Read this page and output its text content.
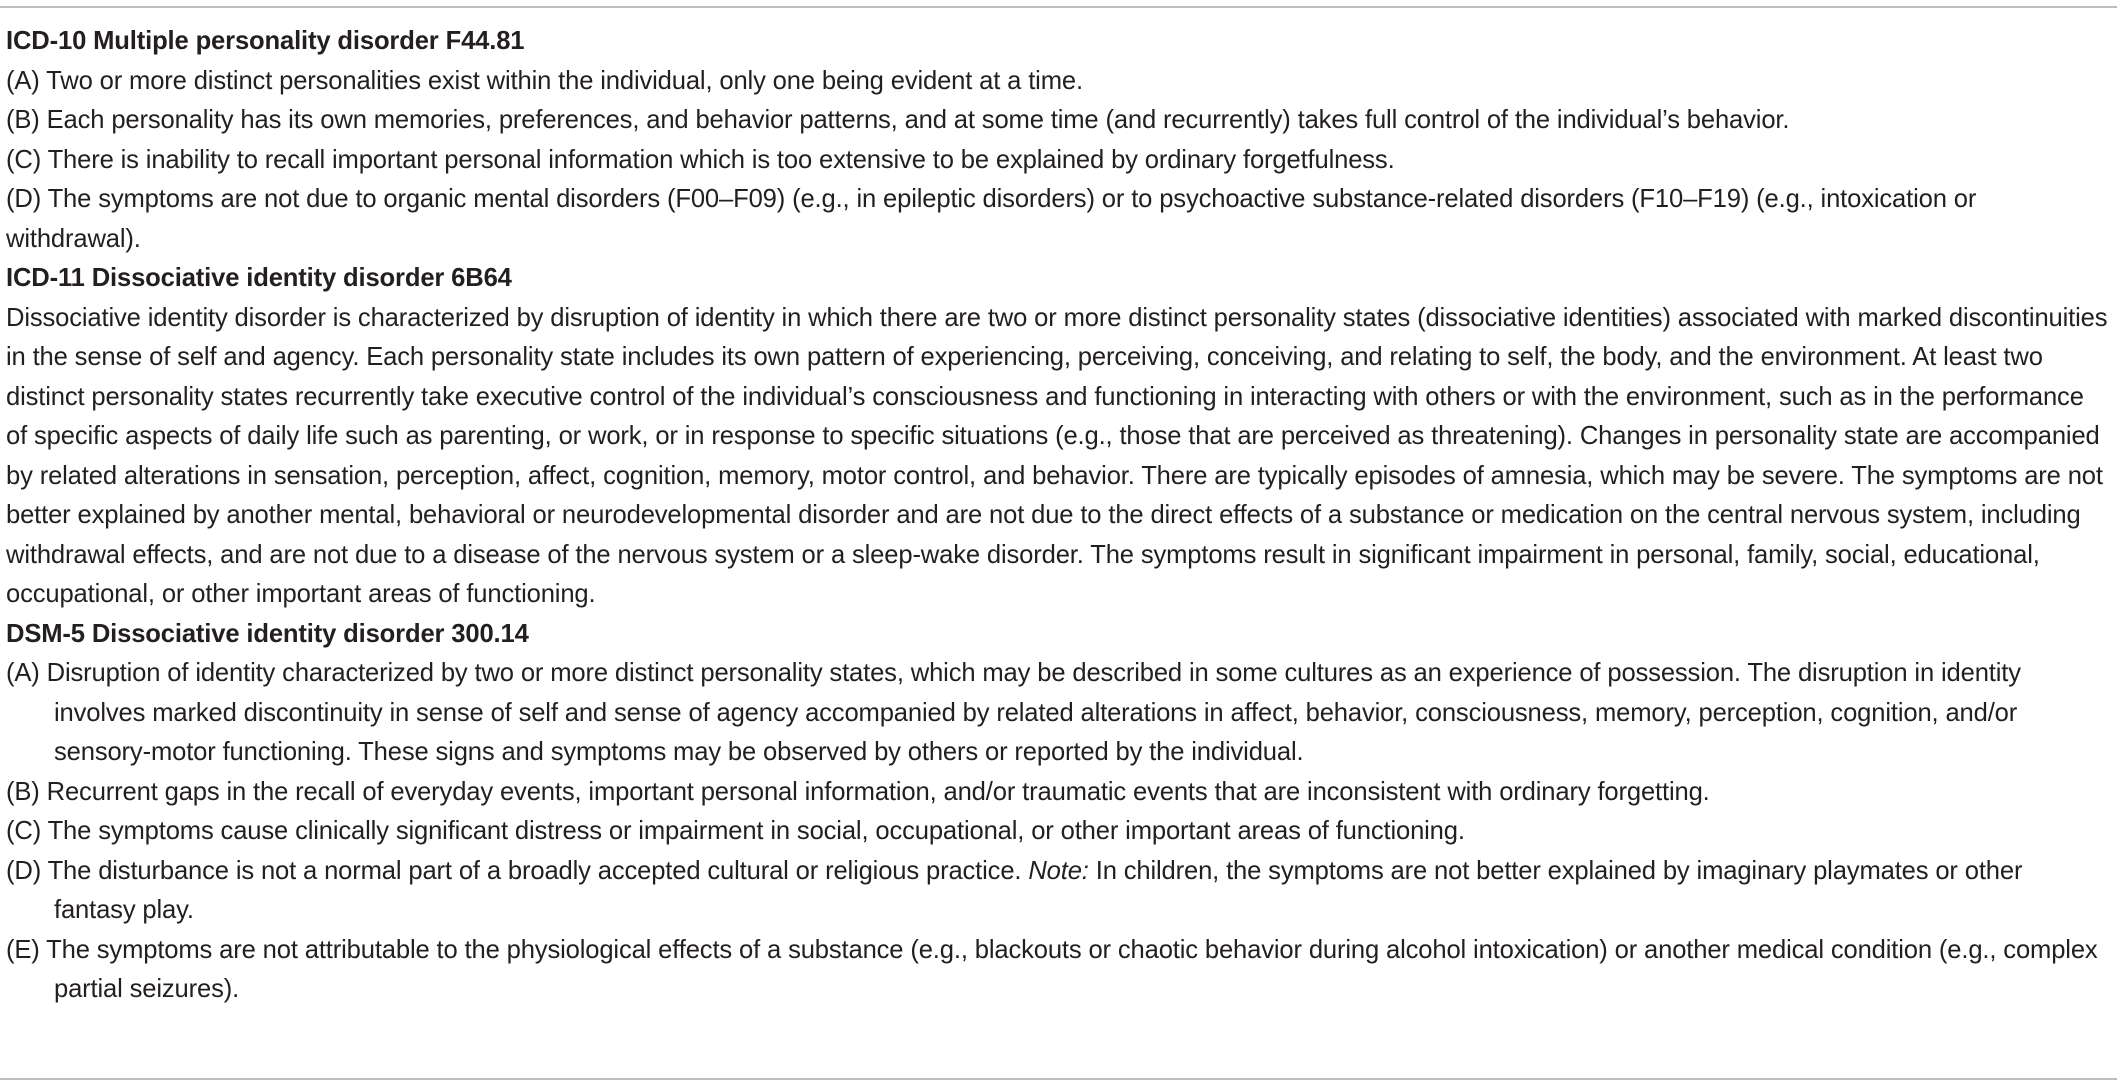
ICD-10 Multiple personality disorder F44.81
(A) Two or more distinct personalities exist within the individual, only one being evident at a time.
(B) Each personality has its own memories, preferences, and behavior patterns, and at some time (and recurrently) takes full control of the individual’s behavior.
(C) There is inability to recall important personal information which is too extensive to be explained by ordinary forgetfulness.
(D) The symptoms are not due to organic mental disorders (F00–F09) (e.g., in epileptic disorders) or to psychoactive substance-related disorders (F10–F19) (e.g., intoxication or withdrawal).
ICD-11 Dissociative identity disorder 6B64
Dissociative identity disorder is characterized by disruption of identity in which there are two or more distinct personality states (dissociative identities) associated with marked discontinuities in the sense of self and agency. Each personality state includes its own pattern of experiencing, perceiving, conceiving, and relating to self, the body, and the environment. At least two distinct personality states recurrently take executive control of the individual’s consciousness and functioning in interacting with others or with the environment, such as in the performance of specific aspects of daily life such as parenting, or work, or in response to specific situations (e.g., those that are perceived as threatening). Changes in personality state are accompanied by related alterations in sensation, perception, affect, cognition, memory, motor control, and behavior. There are typically episodes of amnesia, which may be severe. The symptoms are not better explained by another mental, behavioral or neurodevelopmental disorder and are not due to the direct effects of a substance or medication on the central nervous system, including withdrawal effects, and are not due to a disease of the nervous system or a sleep-wake disorder. The symptoms result in significant impairment in personal, family, social, educational, occupational, or other important areas of functioning.
DSM-5 Dissociative identity disorder 300.14
(A) Disruption of identity characterized by two or more distinct personality states, which may be described in some cultures as an experience of possession. The disruption in identity involves marked discontinuity in sense of self and sense of agency accompanied by related alterations in affect, behavior, consciousness, memory, perception, cognition, and/or sensory-motor functioning. These signs and symptoms may be observed by others or reported by the individual.
(B) Recurrent gaps in the recall of everyday events, important personal information, and/or traumatic events that are inconsistent with ordinary forgetting.
(C) The symptoms cause clinically significant distress or impairment in social, occupational, or other important areas of functioning.
(D) The disturbance is not a normal part of a broadly accepted cultural or religious practice. Note: In children, the symptoms are not better explained by imaginary playmates or other fantasy play.
(E) The symptoms are not attributable to the physiological effects of a substance (e.g., blackouts or chaotic behavior during alcohol intoxication) or another medical condition (e.g., complex partial seizures).
